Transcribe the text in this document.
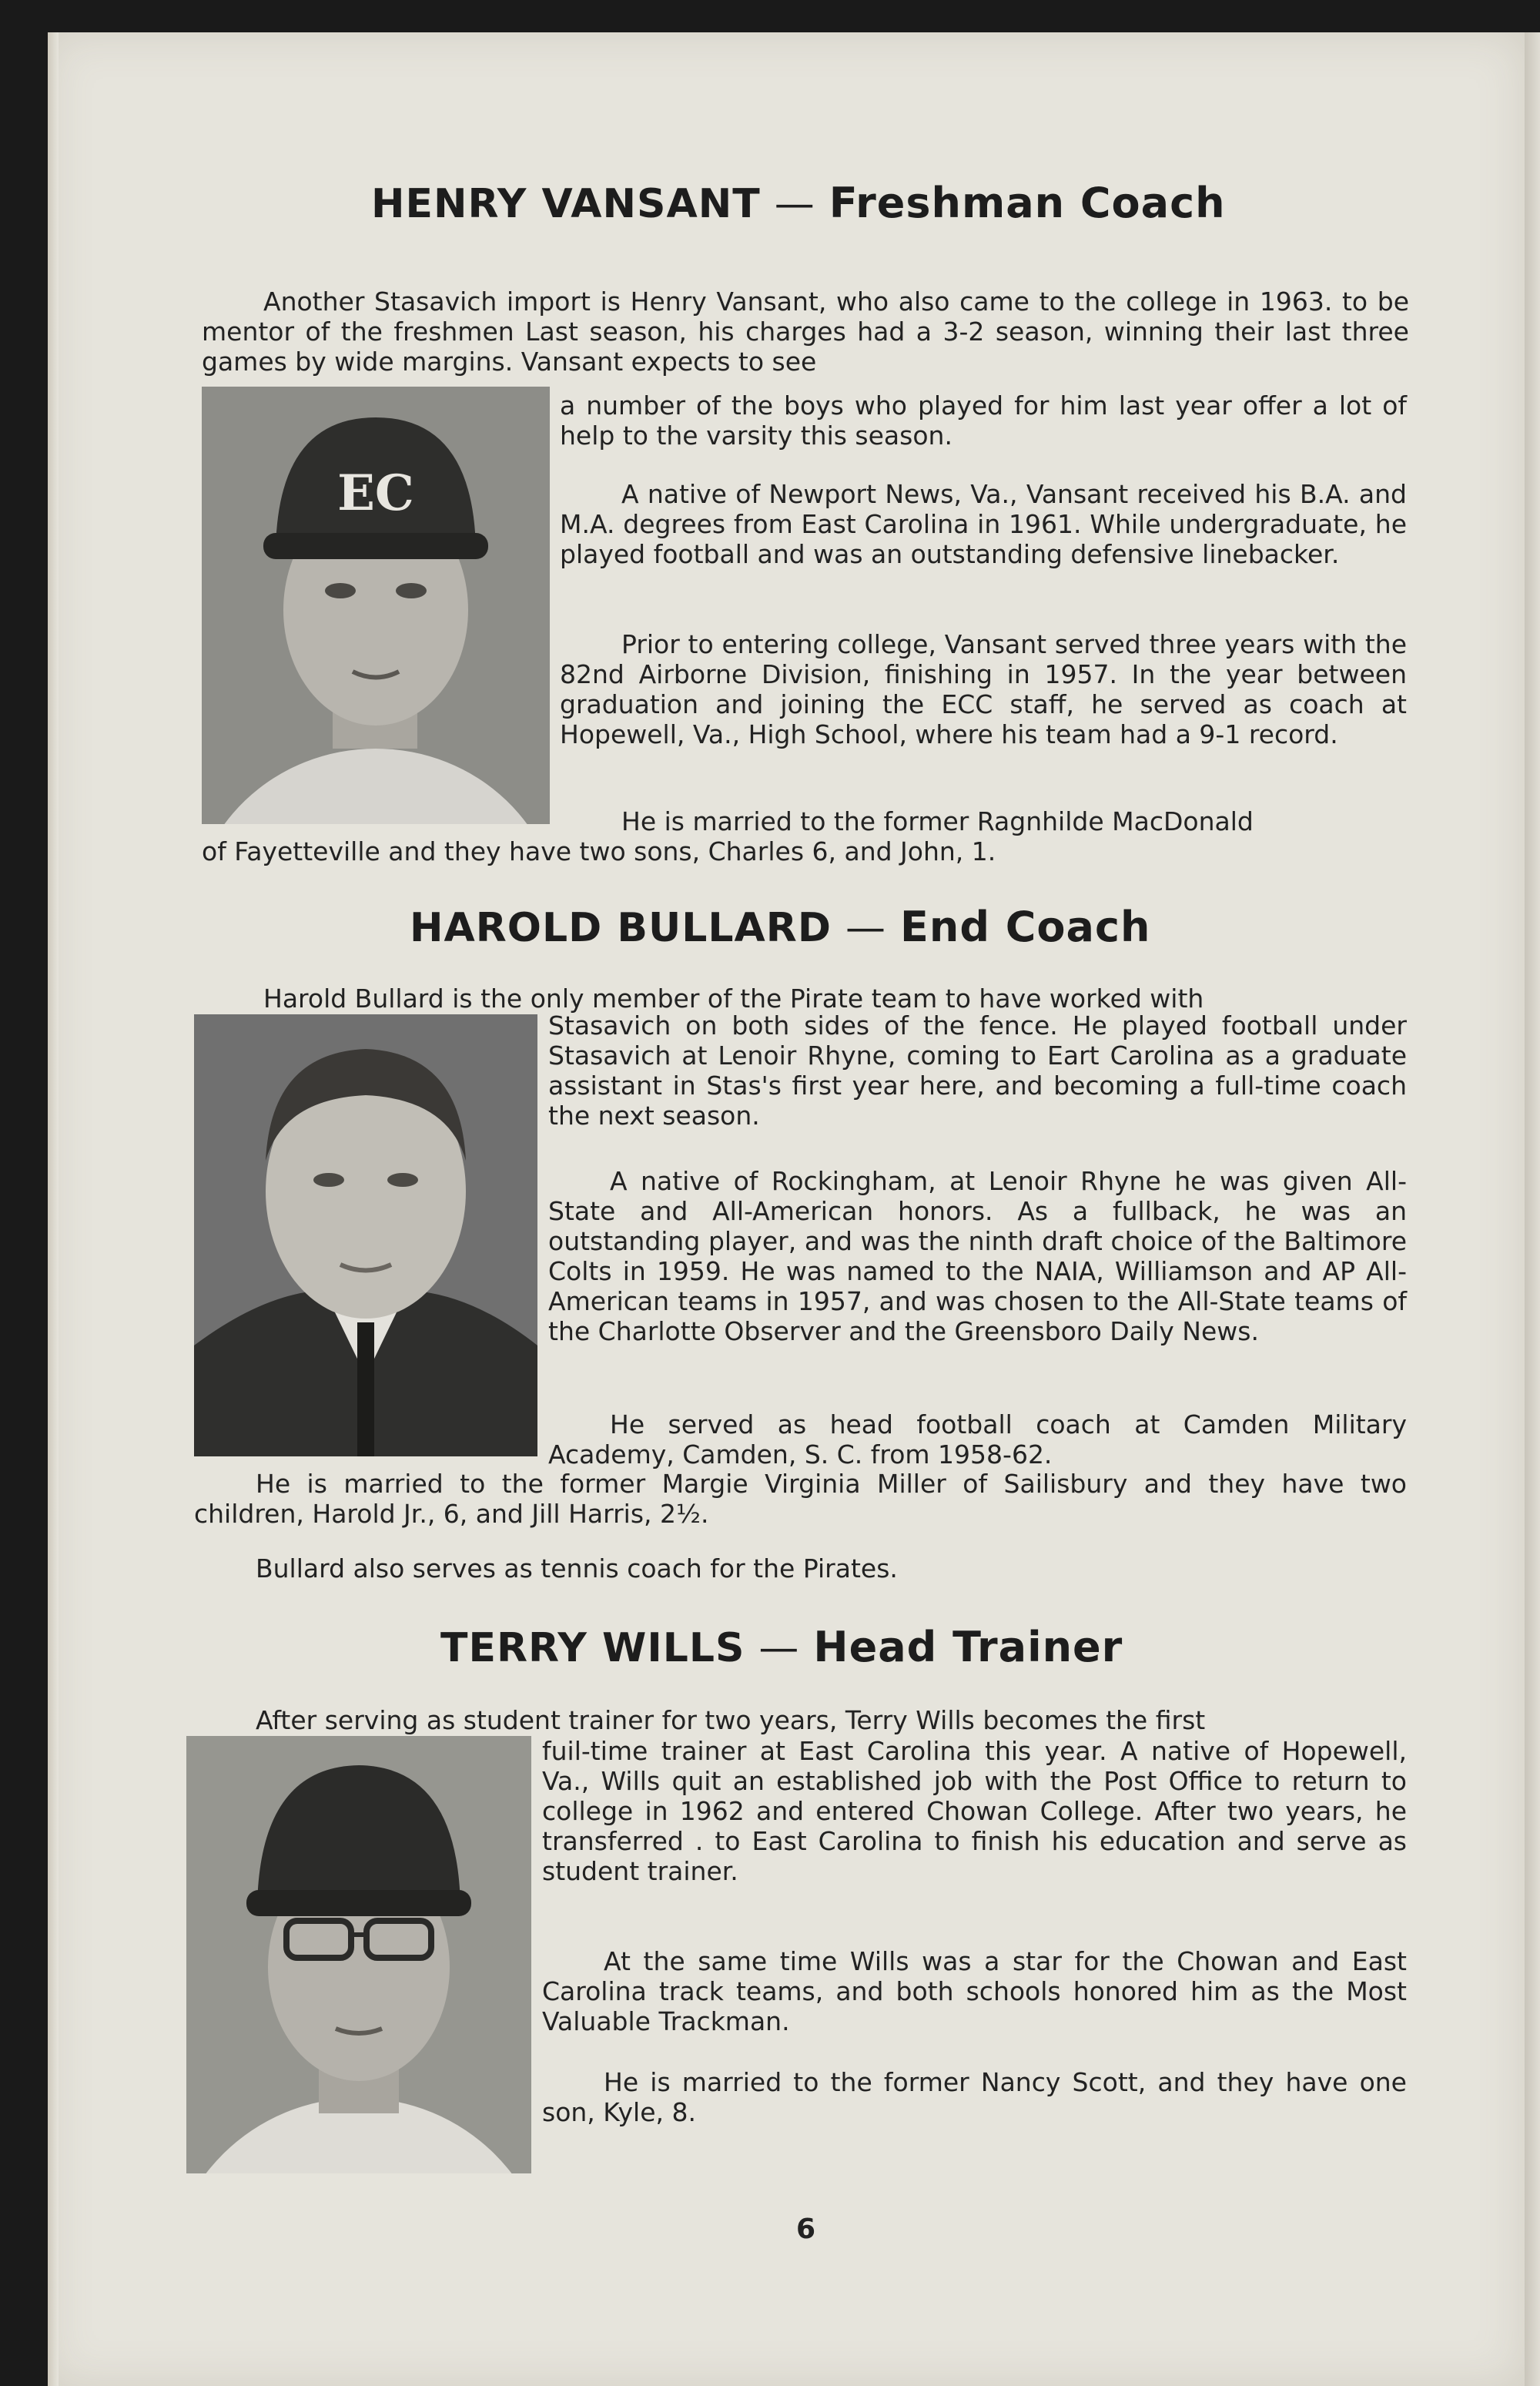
HENRY VANSANT — Freshman Coach

Another Stasavich import is Henry Vansant, who also came to the college in 1963. to be mentor of the freshmen Last season, his charges had a 3-2 season, winning their last three games by wide margins. Vansant expects to see

EC

a number of the boys who played for him last year offer a lot of help to the varsity this season.

A native of Newport News, Va., Vansant received his B.A. and M.A. degrees from East Carolina in 1961. While undergraduate, he played football and was an outstanding defensive linebacker.

Prior to entering college, Vansant served three years with the 82nd Airborne Division, finishing in 1957. In the year between graduation and joining the ECC staff, he served as coach at Hopewell, Va., High School, where his team had a 9-1 record.

He is married to the former Ragnhilde MacDonald

of Fayetteville and they have two sons, Charles 6, and John, 1.

HAROLD BULLARD — End Coach

Harold Bullard is the only member of the Pirate team to have worked with

Stasavich on both sides of the fence. He played football under Stasavich at Lenoir Rhyne, coming to Eart Carolina as a graduate assistant in Stas's first year here, and becoming a full-time coach the next season.

A native of Rockingham, at Lenoir Rhyne he was given All-State and All-American honors. As a fullback, he was an outstanding player, and was the ninth draft choice of the Baltimore Colts in 1959. He was named to the NAIA, Williamson and AP All-American teams in 1957, and was chosen to the All-State teams of the Charlotte Observer and the Greensboro Daily News.

He served as head football coach at Camden Military Academy, Camden, S. C. from 1958-62.

He is married to the former Margie Virginia Miller of Sailisbury and they have two children, Harold Jr., 6, and Jill Harris, 2½.

Bullard also serves as tennis coach for the Pirates.

TERRY WILLS — Head Trainer

After serving as student trainer for two years, Terry Wills becomes the first

fuil-time trainer at East Carolina this year. A native of Hopewell, Va., Wills quit an established job with the Post Office to return to college in 1962 and entered Chowan College. After two years, he transferred . to East Carolina to finish his education and serve as student trainer.

At the same time Wills was a star for the Chowan and East Carolina track teams, and both schools honored him as the Most Valuable Trackman.

He is married to the former Nancy Scott, and they have one son, Kyle, 8.

6
